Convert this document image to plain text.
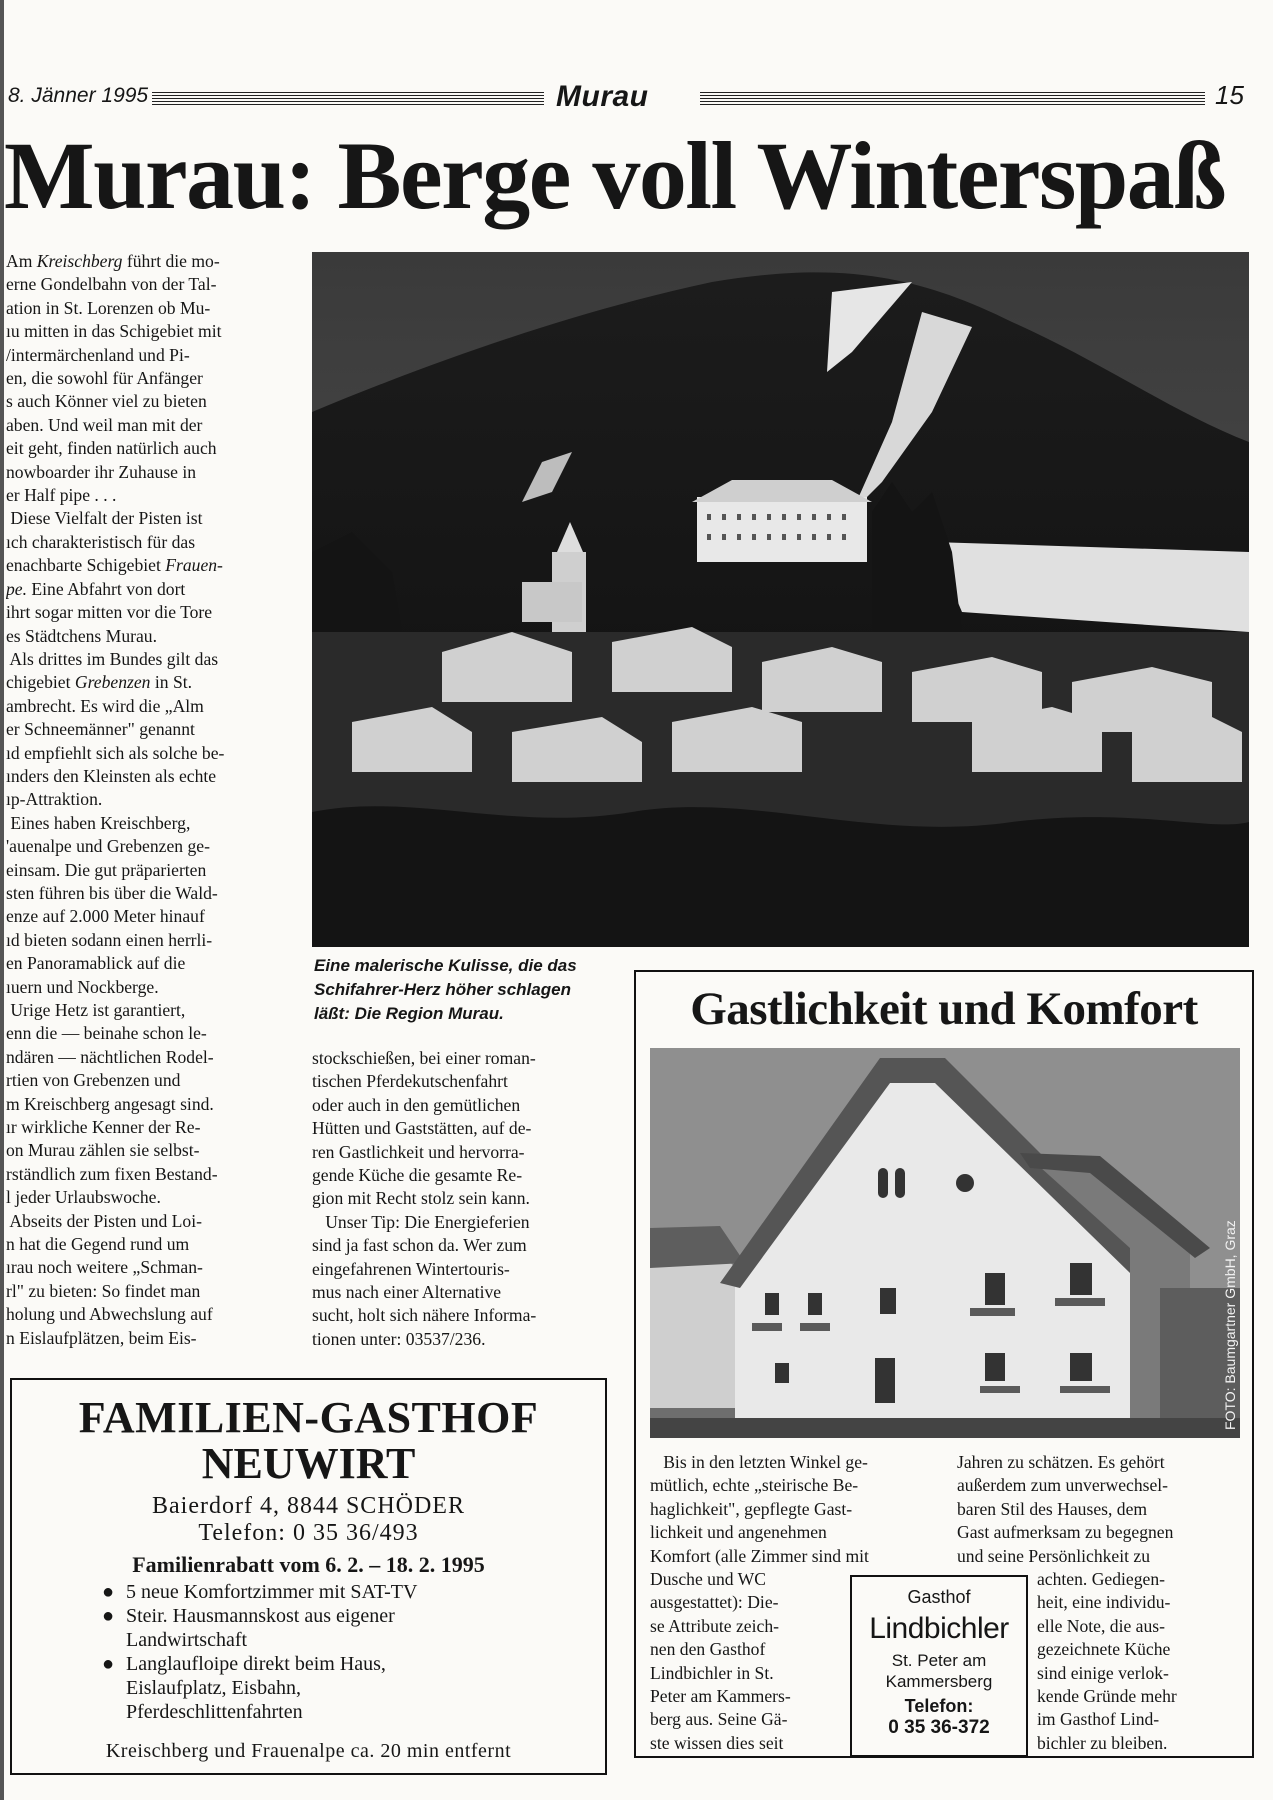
8. Jänner 1995	Murau	15
Murau: Berge voll Winterspaß
Am Kreischberg führt die mo-
erne Gondelbahn von der Tal-
ation in St. Lorenzen ob Mu-
ıu mitten in das Schigebiet mit
/intermärchenland und Pi-
en, die sowohl für Anfänger
s auch Könner viel zu bieten
aben. Und weil man mit der
eit geht, finden natürlich auch
nowboarder ihr Zuhause in
er Half pipe . . .
Diese Vielfalt der Pisten ist
ıch charakteristisch für das
enachbarte Schigebiet Frauen-
pe. Eine Abfahrt von dort
ihrt sogar mitten vor die Tore
es Städtchens Murau.
Als drittes im Bundes gilt das
chigebiet Grebenzen in St.
ambrecht. Es wird die „Alm
er Schneemänner" genannt
ıd empfiehlt sich als solche be-
ınders den Kleinsten als echte
ıp-Attraktion.
Eines haben Kreischberg,
'auenalpe und Grebenzen ge-
einsam. Die gut präparierten
sten führen bis über die Wald-
enze auf 2.000 Meter hinauf
ıd bieten sodann einen herrli-
en Panoramablick auf die
ıuern und Nockberge.
Urige Hetz ist garantiert,
enn die — beinahe schon le-
ndären — nächtlichen Rodel-
rtien von Grebenzen und
m Kreischberg angesagt sind.
ır wirkliche Kenner der Re-
on Murau zählen sie selbst-
rständlich zum fixen Bestand-
l jeder Urlaubswoche.
Abseits der Pisten und Loi-
n hat die Gegend rund um
ırau noch weitere „Schman-
rl" zu bieten: So findet man
holung und Abwechslung auf
n Eislaufplätzen, beim Eis-
Eine malerische Kulisse, die das
Schifahrer-Herz höher schlagen
läßt: Die Region Murau.
stockschießen, bei einer roman-
tischen Pferdekutschenfahrt
oder auch in den gemütlichen
Hütten und Gaststätten, auf de-
ren Gastlichkeit und hervorra-
gende Küche die gesamte Re-
gion mit Recht stolz sein kann.
Unser Tip: Die Energieferien
sind ja fast schon da. Wer zum
eingefahrenen Wintertouris-
mus nach einer Alternative
sucht, holt sich nähere Informa-
tionen unter: 03537/236.
FAMILIEN-GASTHOF
NEUWIRT
Baierdorf 4, 8844 SCHÖDER
Telefon: 0 35 36/493
Familienrabatt vom 6. 2. – 18. 2. 1995
● 5 neue Komfortzimmer mit SAT-TV
● Steir. Hausmannskost aus eigener
Landwirtschaft
● Langlaufloipe direkt beim Haus,
Eislaufplatz, Eisbahn,
Pferdeschlittenfahrten
Kreischberg und Frauenalpe ca. 20 min entfernt
Gastlichkeit und Komfort
FOTO: Baumgartner GmbH, Graz
Bis in den letzten Winkel ge-
mütlich, echte „steirische Be-
haglichkeit", gepflegte Gast-
lichkeit und angenehmen
Komfort (alle Zimmer sind mit
Dusche und WC
ausgestattet): Die-
se Attribute zeich-
nen den Gasthof
Lindbichler in St.
Peter am Kammers-
berg aus. Seine Gä-
ste wissen dies seit
Jahren zu schätzen. Es gehört
außerdem zum unverwechsel-
baren Stil des Hauses, dem
Gast aufmerksam zu begegnen
und seine Persönlichkeit zu
achten. Gediegen-
heit, eine individu-
elle Note, die aus-
gezeichnete Küche
sind einige verlok-
kende Gründe mehr
im Gasthof Lind-
bichler zu bleiben.
Gasthof
Lindbichler
St. Peter am
Kammersberg
Telefon:
0 35 36-372
